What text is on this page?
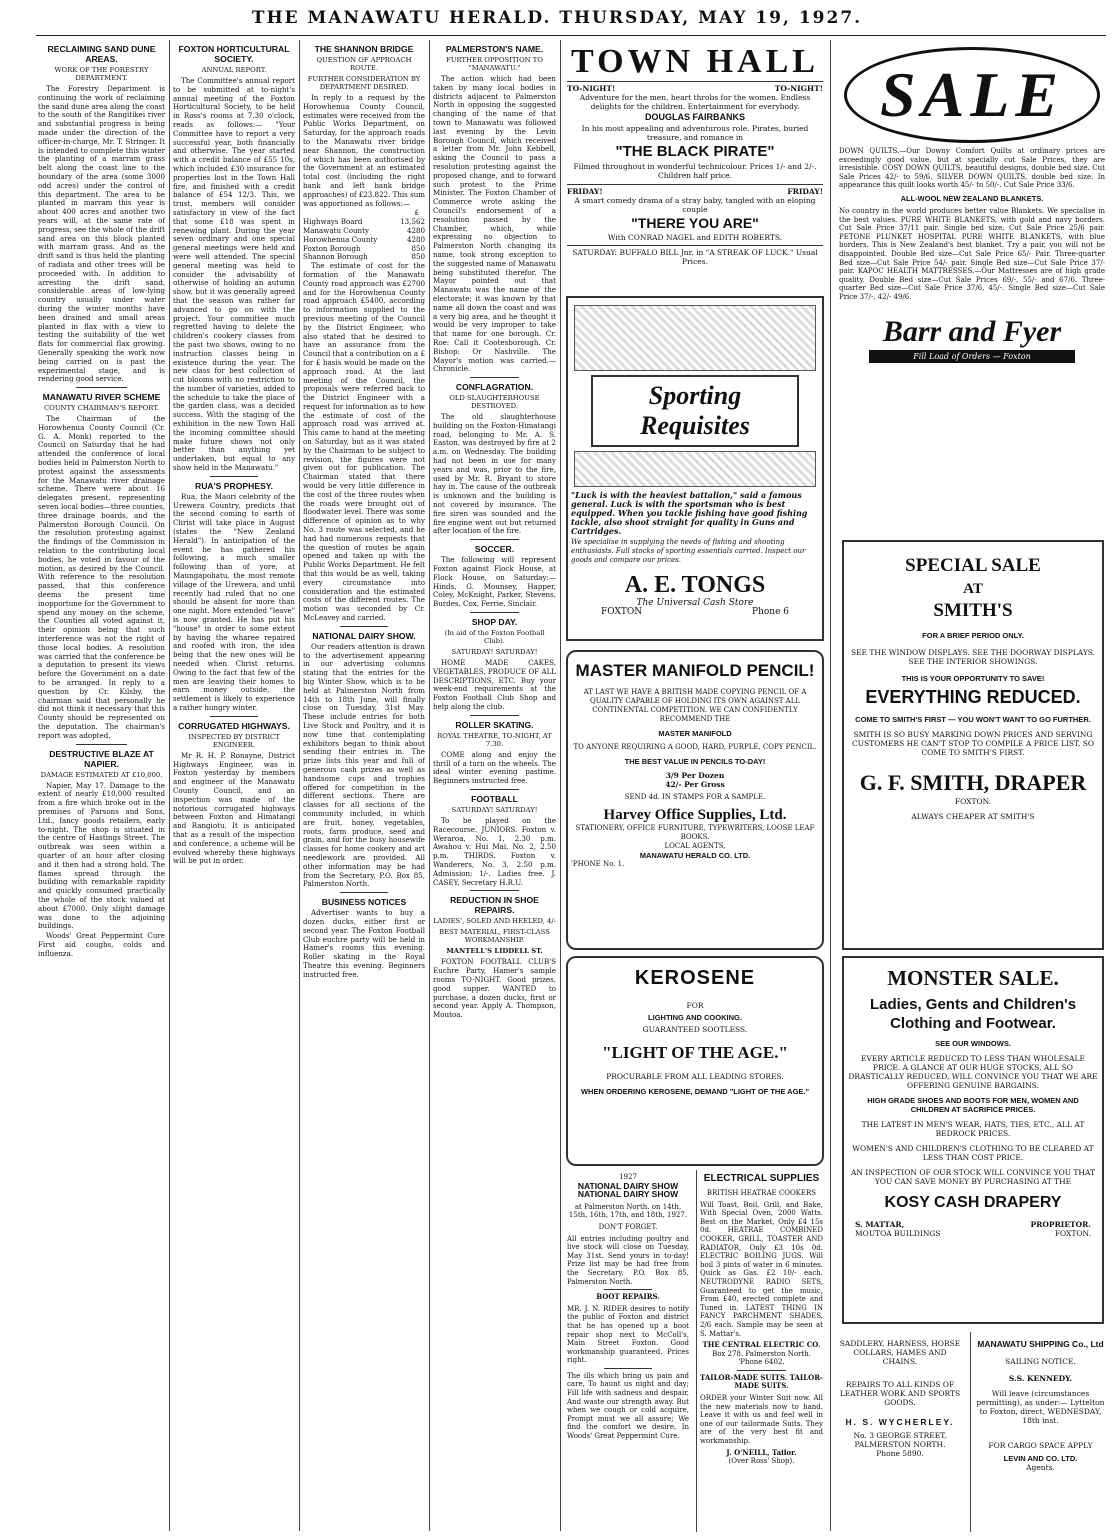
THE MANAWATU HERALD. THURSDAY, MAY 19, 1927.
RECLAIMING SAND DUNE AREAS.
WORK OF THE FORESTRY DEPARTMENT.

The Forestry Department is continuing the work of reclaiming the sand dune area along the coast to the south of the Rangitikei river and substantial progress is being made under the direction of the officer-in-charge, Mr. T. Stringer. It is intended to complete this winter the planting of a marram grass belt along the coast line to the boundary of the area (some 3000 odd acres) under the control of this department. The area to be planted in marram this year is about 400 acres and another two years will, at the same rate of progress, see the whole of the drift sand area on this block planted with marram grass. And as the drift sand is thus held the planting of radiata and other trees will be proceeded with. In addition to arresting the drift sand, considerable areas of low-lying country usually under water during the winter months have been drained and small areas planted in flax with a view to testing the suitability of the wet flats for commercial flax growing. Generally speaking the work now being carried on is past the experimental stage, and is rendering good service.

MANAWATU RIVER SCHEME
COUNTY CHAIRMAN'S REPORT.

The Chairman of the Horowhenua County Council (Cr. G. A. Monk) reported to the Council on Saturday that he had attended the conference of local bodies held in Palmerston North to protest against the assessments for the Manawatu river drainage scheme. There were about 16 delegates present, representing seven local bodies—three counties, three drainage boards, and the Palmerston Borough Council. On the resolution protesting against the findings of the Commission in relation to the contributing local bodies, he voted in favour of the motion, as desired by the Council. With reference to the resolution passed, that this conference deems the present time inopportune for the Government to spend any money on the scheme, the Counties all voted against it, their opinion being that such interference was not the right of those local bodies. A resolution was carried that the conference be a deputation to present its views before the Government on a date to be arranged. In reply to a question by Cr. Kilsby, the chairman said that personally he did not think it necessary that this County should be represented on the deputation. The chairman's report was adopted.

DESTRUCTIVE BLAZE AT NAPIER.
DAMAGE ESTIMATED AT £10,000.

Napier, May 17. Damage to the extent of nearly £10,000 resulted from a fire which broke out in the premises of Parsons and Sons, Ltd., fancy goods retailers, early to-night. The shop is situated in the centre of Hastings Street. The outbreak was seen within a quarter of an hour after closing and it then had a strong hold. The flames spread through the building with remarkable rapidity and quickly consumed practically the whole of the stock valued at about £7000. Only slight damage was done to the adjoining buildings.

Woods' Great Peppermint Cure First aid coughs, colds and influenza.

FOXTON HORTICULTURAL SOCIETY.
ANNUAL REPORT.

The Committee's annual report to be submitted at to-night's annual meeting of the Foxton Horticultural Society, to be held in Ross's rooms at 7.30 o'clock, reads as follows:— "Your Committee have to report a very successful year, both financially and otherwise. The year started with a credit balance of £55 10s, which included £30 insurance for properties lost in the Town Hall fire, and finished with a credit balance of £54 12/3. This, we trust, members will consider satisfactory in view of the fact that some £18 was spent in renewing plant. During the year seven ordinary and one special general meetings were held and were well attended. The special general meeting was held to consider the advisability of otherwise of holding an autumn show, but it was generally agreed that the season was rather far advanced to go on with the project. Your committee much regretted having to delete the children's cookery classes from the past two shows, owing to no instruction classes being in existence during the year. The new class for best collection of cut blooms with no restriction to the number of varieties, added to the schedule to take the place of the garden class, was a decided success. With the staging of the exhibition in the new Town Hall the incoming committee should make future shows not only better than anything yet undertaken, but equal to any show held in the Manawatu."

RUA'S PROPHESY.

Rua, the Maori celebrity of the Urewera Country, predicts that the second coming to earth of Christ will take place in August (states the "New Zealand Herald"). In anticipation of the event he has gathered his following, a much smaller following than of yore, at Maungapohatu, the most remote village of the Urewera, and until recently had ruled that no one should be absent for more than one night. More extended "leave" is now granted. He has put his "house" in order to some extent by having the wharee repaired and roofed with iron, the idea being that the new ones will be needed when Christ returns. Owing to the fact that few of the men are leaving their homes to earn money outside, the settlement is likely to experience a rather hungry winter.

CORRUGATED HIGHWAYS.
INSPECTED BY DISTRICT ENGINEER.

Mr R. H. P. Ronayne, District Highways Engineer, was in Foxton yesterday by members and engineer of the Manawatu County Council, and an inspection was made of the notorious corrugated highways between Foxton and Himatangi and Rangiotu. It is anticipated that as a result of the inspection and conference, a scheme will be evolved whereby these highways will be put in order.

THE SHANNON BRIDGE
QUESTION OF APPROACH ROUTE.
FURTHER CONSIDERATION BY DEPARTMENT DESIRED.

In reply to a request by the Horowhenua County Council, estimates were received from the Public Works Department, on Saturday, for the approach roads to the Manawatu river bridge near Shannon, the construction of which has been authorised by the Government at an estimated total cost (including the right bank and left bank bridge approaches) of £23,822. This sum was apportioned as follows:—

£
Highways Board	13,562
Manawatu County	4280
Horowhenua County	4280
Foxton Borough	850
Shannon Borough	850

The estimate of cost for the formation of the Manawatu County road approach was £2700 and for the Horowhenua County road approach £5400, according to information supplied to the previous meeting of the Council by the District Engineer, who also stated that he desired to have an assurance from the Council that a contribution on a £ for £ basis would be made on the approach road. At the last meeting of the Council, the proposals were referred back to the District Engineer with a request for information as to how the estimate of cost of the approach road was arrived at. This came to hand at the meeting on Saturday, but as it was stated by the Chairman to be subject to revision, the figures were not given out for publication. The Chairman stated that there would be very little difference in the cost of the three routes when the roads were brought out of floodwater level. There was some difference of opinion as to why No. 3 route was selected, and he had had numerous requests that the question of routes be again opened and taken up with the Public Works Department. He felt that this would be as well, taking every circumstance into consideration and the estimated costs of the different routes. The motion was seconded by Cr. McLeavey and carried.

NATIONAL DAIRY SHOW.

Our readers attention is drawn to the advertisement appearing in our advertising columns stating that the entries for the big Winter Show, which is to be held at Palmerston North from 14th to 18th June, will finally close on Tuesday, 31st May. These include entries for both Live Stock and Poultry, and it is now time that contemplating exhibitors began to think about sending their entries in. The prize lists this year and full of generous cash prizes as well as handsome cups and trophies offered for competition in the different sections. There are classes for all sections of the community included, in which are fruit, honey, vegetables, roots, farm produce, seed and grain, and for the busy housewife classes for home cookery and art needlework are provided. All other information may be had from the Secretary, P.O. Box 85, Palmerston North.

BUSINESS NOTICES

Advertiser wants to buy a dozen ducks, either first or second year. The Foxton Football Club euchre party will be held in Hamer's rooms this evening. Roller skating in the Royal Theatre this evening. Beginners instructed free.

PALMERSTON'S NAME.
FURTHER OPPOSITION TO "MANAWATU."

The action which had been taken by many local bodies in districts adjacent to Palmerston North in opposing the suggested changing of the name of that town to Manawatu was followed last evening by the Levin Borough Council, which received a letter from Mr. John Kebbell, asking the Council to pass a resolution protesting against the proposed change, and to forward such protest to the Prime Minister. The Foxton Chamber of Commerce wrote asking the Council's endorsement of a resolution passed by the Chamber, which, while expressing no objection to Palmerston North changing its name, took strong exception to the suggested name of Manawatu being substituted therefor. The Mayor pointed out that Manawatu was the name of the electorate; it was known by that name all down the coast and was a very big area, and he thought it would be very improper to take that name for one borough. Cr. Roe: Call it Cootesborough. Cr. Bishop: Or Nashville. The Mayor's motion was carried.—Chronicle.

CONFLAGRATION.
OLD SLAUGHTERHOUSE DESTROYED.

The old slaughterhouse building on the Foxton-Himatangi road, belonging to Mr. A. S. Easton, was destroyed by fire at 2 a.m. on Wednesday. The building had not been in use for many years and was, prior to the fire, used by Mr. R. Bryant to store hay in. The cause of the outbreak is unknown and the building is not covered by insurance. The fire siren was sounded and the fire engine went out but returned after location of the fire.

SOCCER.

The following will represent Foxton against Flock House, at Flock House, on Saturday:— Hinds, G. Mounsey, Happer, Coley, McKnight, Parker, Stevens, Burdes, Cox, Ferrie, Sinclair.

SHOP DAY.
(In aid of the Foxton Football Club).
SATURDAY! SATURDAY!

HOME MADE CAKES, VEGETABLES, PRODUCE OF ALL DESCRIPTIONS, ETC. Buy your week-end requirements at the Foxton Football Club Shop and help along the club.

ROLLER SKATING.
ROYAL THEATRE, TO-NIGHT, AT 7.30.

COME along and enjoy the thrill of a turn on the wheels. The ideal winter evening pastime. Beginners instructed free.

FOOTBALL
SATURDAY! SATURDAY!

To be played on the Racecourse. JUNIORS. Foxton v. Weraroa, No. 1, 2.30 p.m. Awahou v. Hui Mai, No. 2, 2.50 p.m. THIRDS. Foxton v. Wanderers, No. 3, 2.50 p.m. Admission: 1/-. Ladies free. J. CASEY, Secretary H.R.U.

REDUCTION IN SHOE REPAIRS.
LADIES', SOLED AND HEELED, 4/-
BEST MATERIAL, FIRST-CLASS WORKMANSHIP.
MANTELL'S LIDDELL ST.

FOXTON FOOTBALL CLUB'S Euchre Party, Hamer's sample rooms TO-NIGHT. Good prizes, good supper. WANTED to purchase, a dozen ducks, first or second year. Apply A. Thompson, Moutoa.

TOWN HALL
TO-NIGHT!	TO-NIGHT!
Adventure for the men, heart throbs for the women. Endless delights for the children. Entertainment for everybody.
DOUGLAS FAIRBANKS
In his most appealing and adventurous role. Pirates, buried treasure, and romance in
"THE BLACK PIRATE"
Filmed throughout in wonderful technicolour. Prices 1/- and 2/-. Children half price.
FRIDAY!	FRIDAY!
A smart comedy drama of a stray baby, tangled with an eloping couple
"THERE YOU ARE"
With CONRAD NAGEL and EDITH ROBERTS.
SATURDAY: BUFFALO BILL Jnr. in "A STREAK OF LUCK." Usual Prices.
Sporting Requisites
"Luck is with the heaviest battalion," said a famous general. Luck is with the sportsman who is best equipped. When you tackle fishing have good fishing tackle, also shoot straight for quality in Guns and Cartridges.
We specialise in supplying the needs of fishing and shooting enthusiasts. Full stocks of sporting essentials carried. Inspect our goods and compare our prices.
A. E. TONGS
The Universal Cash Store
FOXTON	Phone 6
MASTER MANIFOLD PENCIL!
AT LAST WE HAVE A BRITISH MADE COPYING PENCIL OF A QUALITY CAPABLE OF HOLDING ITS OWN AGAINST ALL CONTINENTAL COMPETITION. WE CAN CONFIDENTLY RECOMMEND THE
MASTER MANIFOLD
TO ANYONE REQUIRING A GOOD, HARD, PURPLE, COPY PENCIL.
THE BEST VALUE IN PENCILS TO-DAY!
3/9 Per Dozen
42/- Per Gross
SEND 4d. IN STAMPS FOR A SAMPLE.
Harvey Office Supplies, Ltd.
STATIONERY, OFFICE FURNITURE, TYPEWRITERS, LOOSE LEAF BOOKS.
LOCAL AGENTS,
MANAWATU HERALD CO. LTD.
'PHONE No. 1.
KEROSENE
FOR
LIGHTING AND COOKING.
GUARANTEED SOOTLESS.
"LIGHT OF THE AGE."
PROCURABLE FROM ALL LEADING STORES.
WHEN ORDERING KEROSENE, DEMAND "LIGHT OF THE AGE."
1927
NATIONAL DAIRY SHOW
NATIONAL DAIRY SHOW
at Palmerston North. on 14th, 15th, 16th, 17th, and 18th, 1927.
DON'T FORGET.
All entries including poultry and live stock will close on Tuesday, May 31st. Send yours in to-day! Prize list may be had free from the Secretary, P.O. Box 85, Palmerston North.
BOOT REPAIRS.
MR. J. N. RIDER desires to notify the public of Foxton and district that he has opened up a boot repair shop next to McColl's, Main Street Foxton. Good workmanship guaranteed. Prices right.
The ills which bring us pain and care, To haunt us night and day; Fill life with sadness and despair, And waste our strength away. But when we cough or cold acquire, Prompt must we all assure; We find the comfort we desire, In Woods' Great Peppermint Cure.
ELECTRICAL SUPPLIES
BRITISH HEATRAE COOKERS
Will Toast, Boil, Grill, and Bake, With Special Oven, 2000 Watts. Best on the Market, Only £4 15s 0d. HEATRAE COMBINED COOKER, GRILL, TOASTER AND RADIATOR, Only £3 10s 0d. ELECTRIC BOILING JUGS. Will boil 3 pints of water in 6 minutes. Quick as Gas. £2 10/- each. NEUTRODYNE RADIO SETS, Guaranteed to get the music, From £40, erected complete and Tuned in. LATEST THING IN FANCY PARCHMENT SHADES, 2/6 each. Sample may be seen at S. Mattar's.
THE CENTRAL ELECTRIC CO.
Box 278. Palmerston North. 'Phone 6402.
TAILOR-MADE SUITS. TAILOR-MADE SUITS.
ORDER your Winter Suit now. All the new materials now to hand. Leave it with us and feel well in one of our tailormade Suits. They are of the very best fit and workmanship.
J. O'NEILL, Tailor.
(Over Ross' Shop).
SALE
DOWN QUILTS.—Our Downy Comfort Quilts at ordinary prices are exceedingly good value, but at specially cut Sale Prices, they are irresistible. COSY DOWN QUILTS, beautiful designs, double bed size. Cut Sale Prices 42/- to 59/6. SILVER DOWN QUILTS, double bed size. In appearance this quilt looks worth 45/- to 50/-. Cut Sale Price 33/6.
ALL-WOOL NEW ZEALAND BLANKETS.
No country in the world produces better value Blankets. We specialise in the best values. PURE WHITE BLANKETS, with gold and navy borders. Cut Sale Price 37/11 pair. Single bed size, Cut Sale Price 25/6 pair. PETONE PLUNKET HOSPITAL PURE WHITE BLANKETS, with blue borders. This is New Zealand's best blanket. Try a pair, you will not be disappointed. Double Bed size—Cut Sale Price 65/- Pair. Three-quarter Bed size—Cut Sale Price 54/- pair. Single Bed size—Cut Sale Price 37/- pair. KAPOC HEALTH MATTRESSES.—Our Mattresses are of high grade quality. Double Bed size—Cut Sale Prices 69/-, 55/- and 67/6. Three-quarter Bed size—Cut Sale Price 37/6, 45/-. Single Bed size—Cut Sale Price 37/-, 42/- 49/6.
Barr and Fyer
Fill Load of Orders — Foxton
SPECIAL SALE
AT
SMITH'S
FOR A BRIEF PERIOD ONLY.
SEE THE WINDOW DISPLAYS. SEE THE DOORWAY DISPLAYS. SEE THE INTERIOR SHOWINGS.
THIS IS YOUR OPPORTUNITY TO SAVE!
EVERYTHING REDUCED.
COME TO SMITH'S FIRST — YOU WON'T WANT TO GO FURTHER.
SMITH IS SO BUSY MARKING DOWN PRICES AND SERVING CUSTOMERS HE CAN'T STOP TO COMPILE A PRICE LIST, SO COME TO SMITH'S FIRST.
G. F. SMITH, DRAPER
FOXTON.
ALWAYS CHEAPER AT SMITH'S
MONSTER SALE.
Ladies, Gents and Children's Clothing and Footwear.
SEE OUR WINDOWS.
EVERY ARTICLE REDUCED TO LESS THAN WHOLESALE PRICE. A GLANCE AT OUR HUGE STOCKS, ALL SO DRASTICALLY REDUCED, WILL CONVINCE YOU THAT WE ARE OFFERING GENUINE BARGAINS.
HIGH GRADE SHOES AND BOOTS FOR MEN, WOMEN AND CHILDREN AT SACRIFICE PRICES.
THE LATEST IN MEN'S WEAR, HATS, TIES, ETC., ALL AT BEDROCK PRICES.
WOMEN'S AND CHILDREN'S CLOTHING TO BE CLEARED AT LESS THAN COST PRICE.
AN INSPECTION OF OUR STOCK WILL CONVINCE YOU THAT YOU CAN SAVE MONEY BY PURCHASING AT THE
KOSY CASH DRAPERY
S. MATTAR,	PROPRIETOR.
MOUTOA BUILDINGS	FOXTON.
SADDLERY, HARNESS, HORSE COLLARS, HAMES AND CHAINS.
REPAIRS TO ALL KINDS OF LEATHER WORK AND SPORTS GOODS.
H. S. WYCHERLEY.
No. 3 GEORGE STREET, PALMERSTON NORTH.
Phone 5890.
MANAWATU SHIPPING Co., Ltd
SAILING NOTICE.
S.S. KENNEDY.
Will leave (circumstances permitting), as under:— Lyttelton to Foxton, direct, WEDNESDAY, 18th inst.
FOR CARGO SPACE APPLY
LEVIN AND CO. LTD.
Agents.
